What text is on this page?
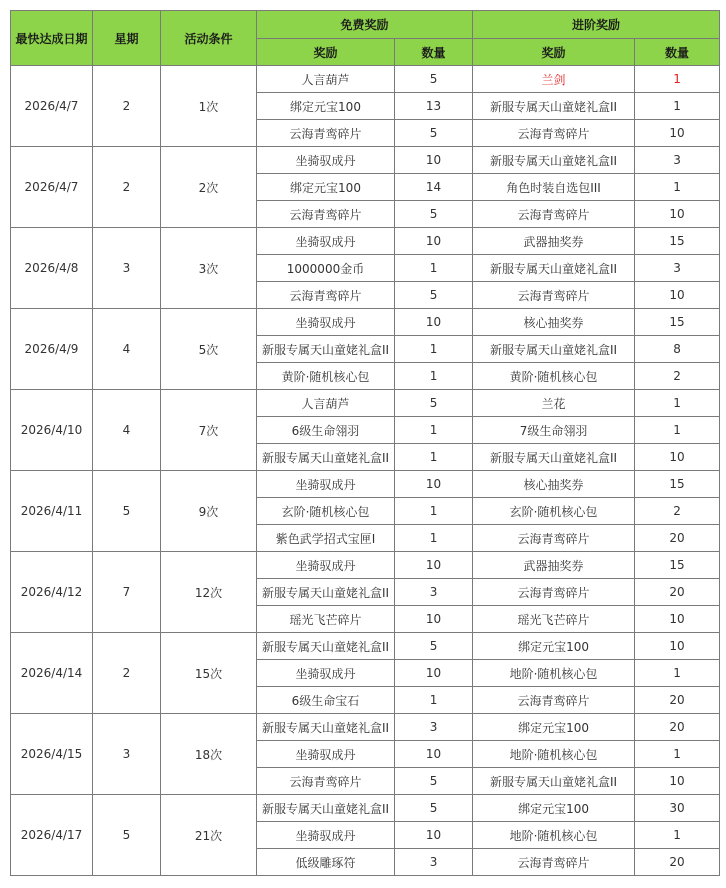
最快达成日期	星期	活动条件	免费奖励		进阶奖励	
			奖励	数量	奖励	数量
2026/4/7	2	1次	人言葫芦	5	兰剑	1
			绑定元宝100	13	新服专属天山童姥礼盒II	1
			云海青鸾碎片	5	云海青鸾碎片	10
2026/4/7	2	2次	坐骑驭成丹	10	新服专属天山童姥礼盒II	3
			绑定元宝100	14	角色时装自选包III	1
			云海青鸾碎片	5	云海青鸾碎片	10
2026/4/8	3	3次	坐骑驭成丹	10	武器抽奖券	15
			1000000金币	1	新服专属天山童姥礼盒II	3
			云海青鸾碎片	5	云海青鸾碎片	10
2026/4/9	4	5次	坐骑驭成丹	10	核心抽奖券	15
			新服专属天山童姥礼盒II	1	新服专属天山童姥礼盒II	8
			黄阶·随机核心包	1	黄阶·随机核心包	2
2026/4/10	4	7次	人言葫芦	5	兰花	1
			6级生命翎羽	1	7级生命翎羽	1
			新服专属天山童姥礼盒II	1	新服专属天山童姥礼盒II	10
2026/4/11	5	9次	坐骑驭成丹	10	核心抽奖券	15
			玄阶·随机核心包	1	玄阶·随机核心包	2
			紫色武学招式宝匣I	1	云海青鸾碎片	20
2026/4/12	7	12次	坐骑驭成丹	10	武器抽奖券	15
			新服专属天山童姥礼盒II	3	云海青鸾碎片	20
			瑶光飞芒碎片	10	瑶光飞芒碎片	10
2026/4/14	2	15次	新服专属天山童姥礼盒II	5	绑定元宝100	10
			坐骑驭成丹	10	地阶·随机核心包	1
			6级生命宝石	1	云海青鸾碎片	20
2026/4/15	3	18次	新服专属天山童姥礼盒II	3	绑定元宝100	20
			坐骑驭成丹	10	地阶·随机核心包	1
			云海青鸾碎片	5	新服专属天山童姥礼盒II	10
2026/4/17	5	21次	新服专属天山童姥礼盒II	5	绑定元宝100	30
			坐骑驭成丹	10	地阶·随机核心包	1
			低级雕琢符	3	云海青鸾碎片	20
